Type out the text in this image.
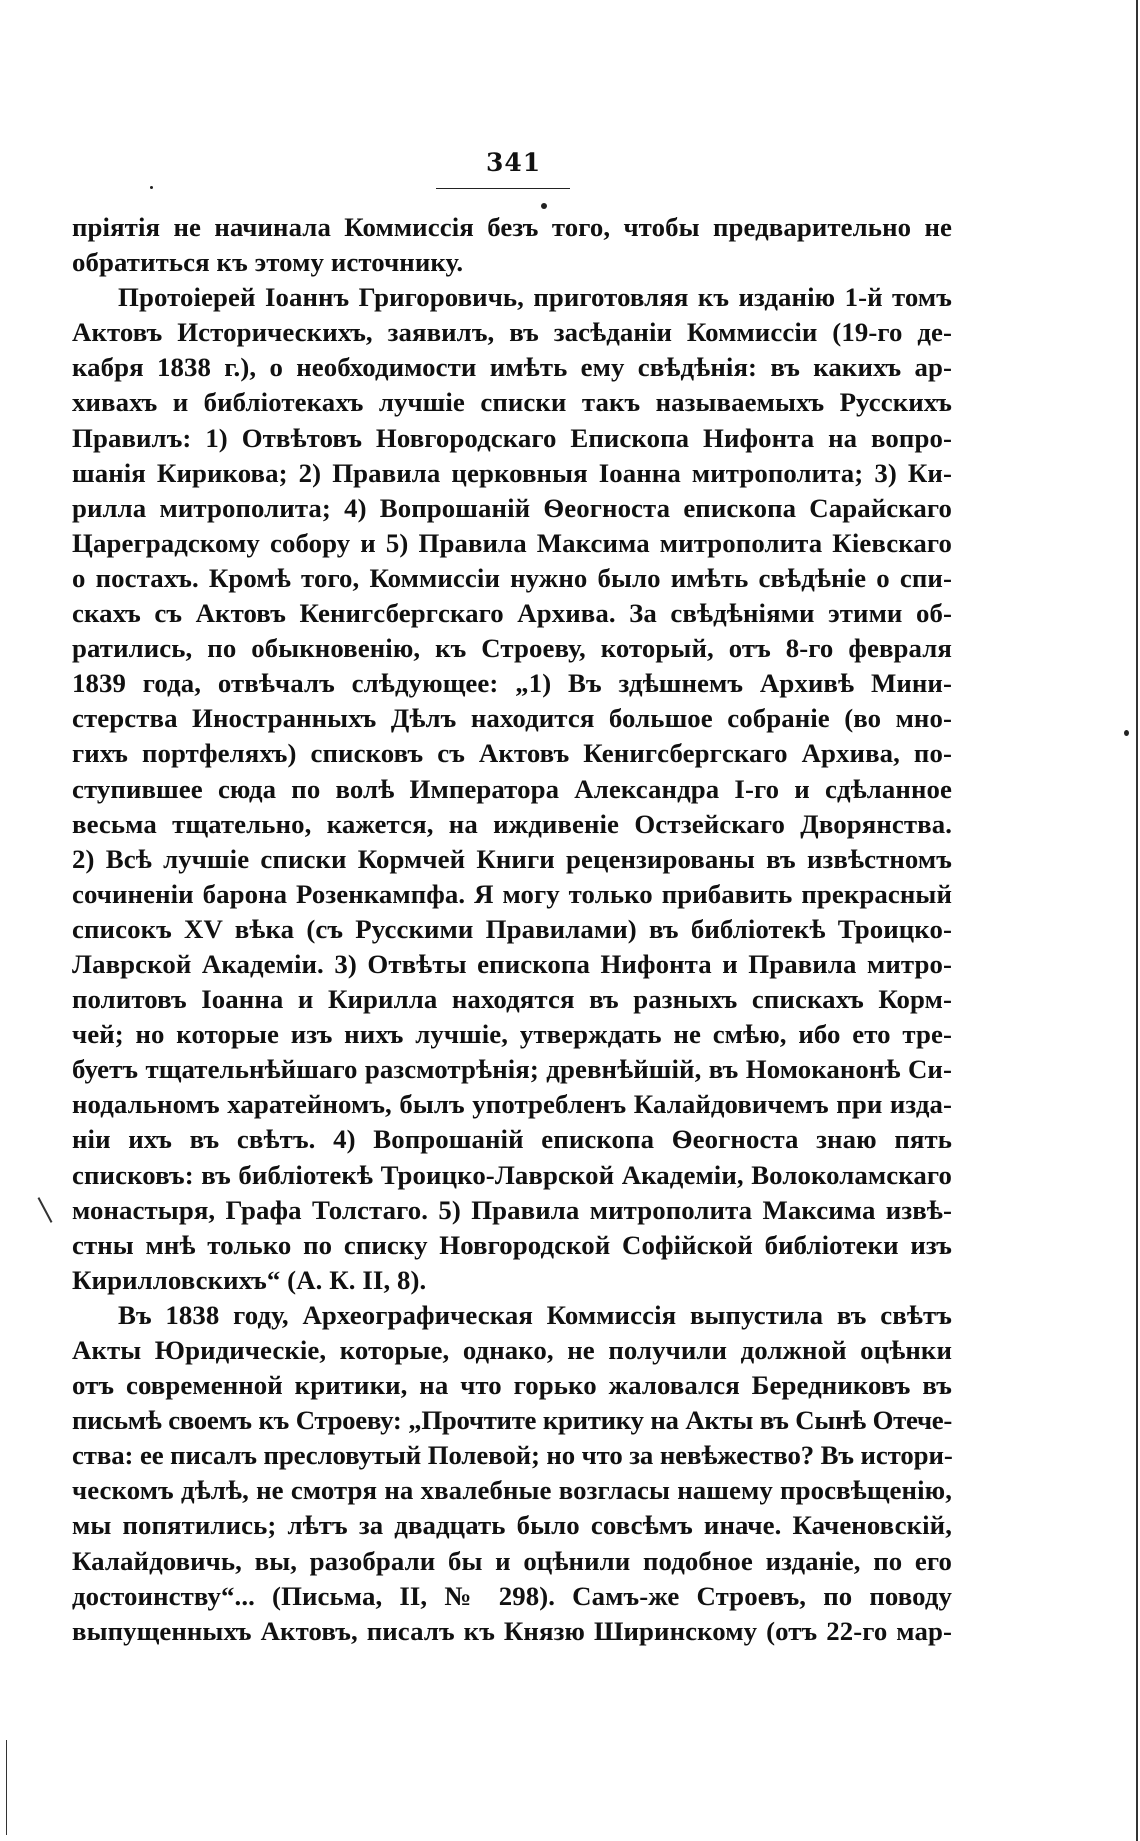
341
прiятiя не начинала Коммиссiя безъ того, чтобы предварительно не
обратиться къ этому источнику.
Протоiерей Iоаннъ Григоровичь, приготовляя къ изданiю 1-й томъ
Актовъ Историческихъ, заявилъ, въ засѣданiи Коммиссiи (19-го де-
кабря 1838 г.), о необходимости имѣть ему свѣдѣнiя: въ какихъ ар-
хивахъ и библiотекахъ лучшiе списки такъ называемыхъ Русскихъ
Правилъ: 1) Отвѣтовъ Новгородскаго Епископа Нифонта на вопро-
шанiя Кирикова; 2) Правила церковныя Iоанна митрополита; 3) Ки-
рилла митрополита; 4) Вопрошанiй Ѳеогноста епископа Сарайскаго
Цареградскому собору и 5) Правила Максима митрополита Кiевскаго
о постахъ. Кромѣ того, Коммиссiи нужно было имѣть свѣдѣнiе о спи-
скахъ съ Актовъ Кенигсбергскаго Архива. За свѣдѣнiями этими об-
ратились, по обыкновенiю, къ Строеву, который, отъ 8-го февраля
1839 года, отвѣчалъ слѣдующее: „1) Въ здѣшнемъ Архивѣ Мини-
стерства Иностранныхъ Дѣлъ находится большое собранiе (во мно-
гихъ портфеляхъ) списковъ съ Актовъ Кенигсбергскаго Архива, по-
ступившее сюда по волѣ Императора Александра I-го и сдѣланное
весьма тщательно, кажется, на иждивенiе Остзейскаго Дворянства.
2) Всѣ лучшiе списки Кормчей Книги рецензированы въ извѣстномъ
сочиненiи барона Розенкампфа. Я могу только прибавить прекрасный
списокъ XV вѣка (съ Русскими Правилами) въ библiотекѣ Троицко-
Лаврской Академiи. 3) Отвѣты епископа Нифонта и Правила митро-
политовъ Iоанна и Кирилла находятся въ разныхъ спискахъ Корм-
чей; но которые изъ нихъ лучшiе, утверждать не смѣю, ибо ето тре-
буетъ тщательнѣйшаго разсмотрѣнiя; древнѣйшiй, въ Номоканонѣ Си-
нодальномъ харатейномъ, былъ употребленъ Калайдовичемъ при изда-
нiи ихъ въ свѣтъ. 4) Вопрошанiй епископа Ѳеогноста знаю пять
списковъ: въ библiотекѣ Троицко-Лаврской Академiи, Волоколамскаго
монастыря, Графа Толстаго. 5) Правила митрополита Максима извѣ-
стны мнѣ только по списку Новгородской Софiйской библiотеки изъ
Кирилловскихъ“ (А. К. II, 8).
Въ 1838 году, Археографическая Коммиссiя выпустила въ свѣтъ
Акты Юридическiе, которые, однако, не получили должной оцѣнки
отъ современной критики, на что горько жаловался Бередниковъ въ
письмѣ своемъ къ Строеву: „Прочтите критику на Акты въ Сынѣ Отече-
ства: ее писалъ пресловутый Полевой; но что за невѣжество? Въ истори-
ческомъ дѣлѣ, не смотря на хвалебные возгласы нашему просвѣщенiю,
мы попятились; лѣтъ за двадцать было совсѣмъ иначе. Каченовскiй,
Калайдовичь, вы, разобрали бы и оцѣнили подобное изданiе, по его
достоинству“... (Письма, II, № 298). Самъ-же Строевъ, по поводу
выпущенныхъ Актовъ, писалъ къ Князю Ширинскому (отъ 22-го мар-
